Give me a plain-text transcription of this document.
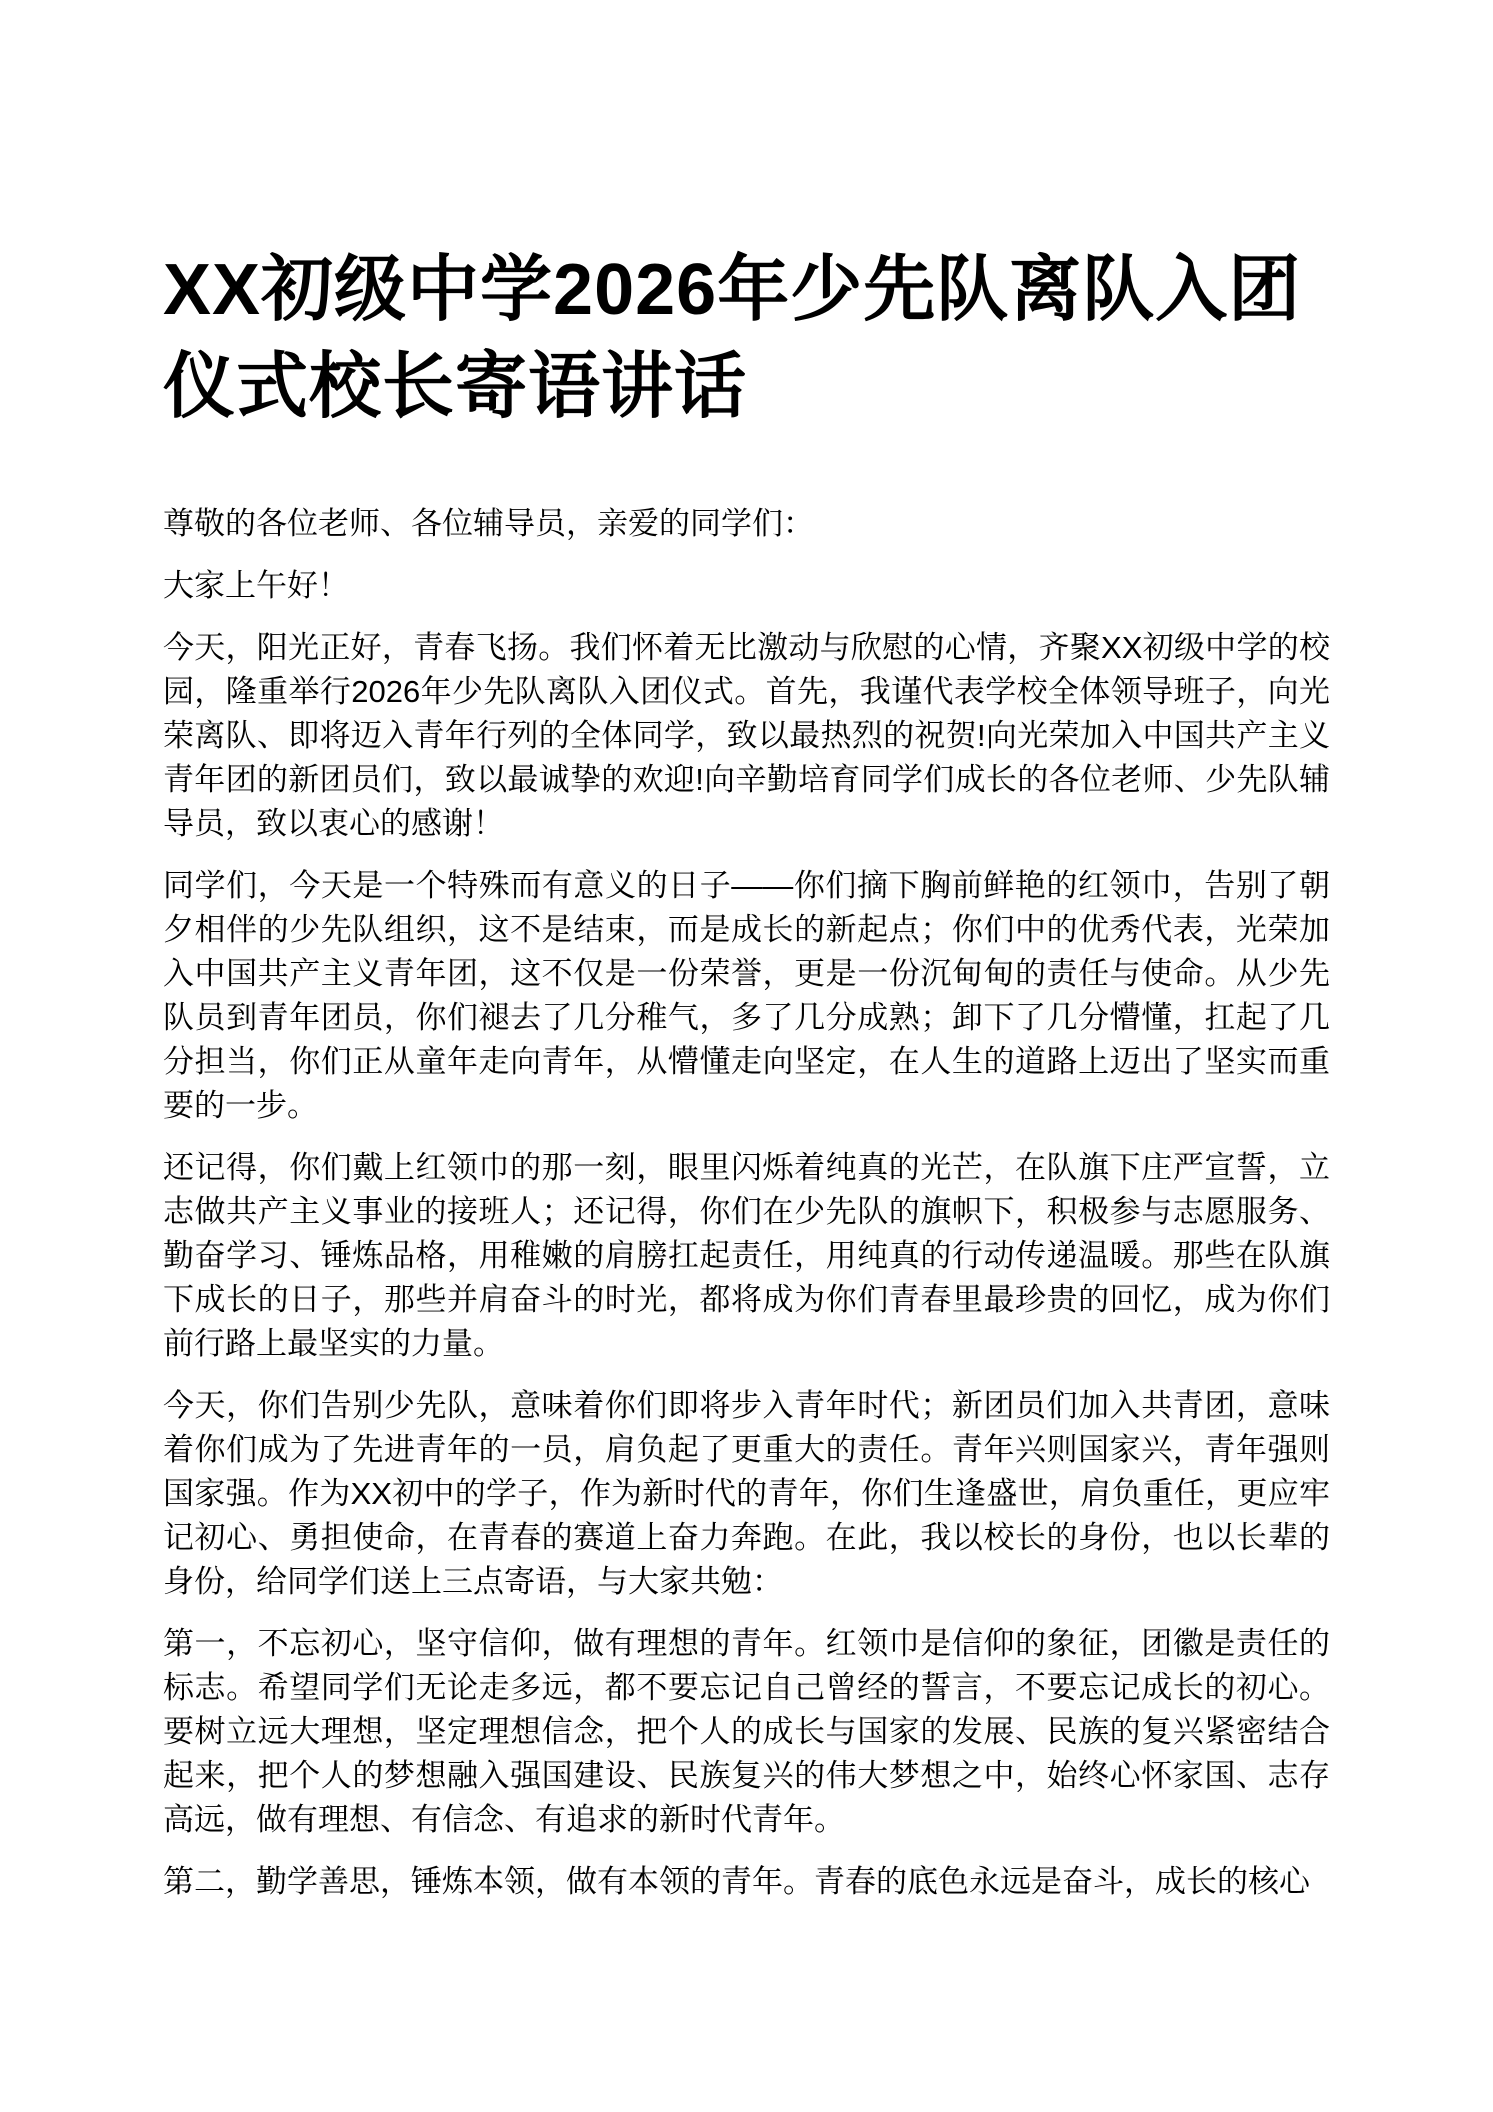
XX初级中学2026年少先队离队入团仪式校长寄语讲话

尊敬的各位老师、各位辅导员，亲爱的同学们：

大家上午好！

今天，阳光正好，青春飞扬。我们怀着无比激动与欣慰的心情，齐聚XX初级中学的校园，隆重举行2026年少先队离队入团仪式。首先，我谨代表学校全体领导班子，向光荣离队、即将迈入青年行列的全体同学，致以最热烈的祝贺!向光荣加入中国共产主义青年团的新团员们，致以最诚挚的欢迎!向辛勤培育同学们成长的各位老师、少先队辅导员，致以衷心的感谢！

同学们，今天是一个特殊而有意义的日子——你们摘下胸前鲜艳的红领巾，告别了朝夕相伴的少先队组织，这不是结束，而是成长的新起点；你们中的优秀代表，光荣加入中国共产主义青年团，这不仅是一份荣誉，更是一份沉甸甸的责任与使命。从少先队员到青年团员，你们褪去了几分稚气，多了几分成熟；卸下了几分懵懂，扛起了几分担当，你们正从童年走向青年，从懵懂走向坚定，在人生的道路上迈出了坚实而重要的一步。

还记得，你们戴上红领巾的那一刻，眼里闪烁着纯真的光芒，在队旗下庄严宣誓，立志做共产主义事业的接班人；还记得，你们在少先队的旗帜下，积极参与志愿服务、勤奋学习、锤炼品格，用稚嫩的肩膀扛起责任，用纯真的行动传递温暖。那些在队旗下成长的日子，那些并肩奋斗的时光，都将成为你们青春里最珍贵的回忆，成为你们前行路上最坚实的力量。

今天，你们告别少先队，意味着你们即将步入青年时代；新团员们加入共青团，意味着你们成为了先进青年的一员，肩负起了更重大的责任。青年兴则国家兴，青年强则国家强。作为XX初中的学子，作为新时代的青年，你们生逢盛世，肩负重任，更应牢记初心、勇担使命，在青春的赛道上奋力奔跑。在此，我以校长的身份，也以长辈的身份，给同学们送上三点寄语，与大家共勉：

第一，不忘初心，坚守信仰，做有理想的青年。红领巾是信仰的象征，团徽是责任的标志。希望同学们无论走多远，都不要忘记自己曾经的誓言，不要忘记成长的初心。要树立远大理想，坚定理想信念，把个人的成长与国家的发展、民族的复兴紧密结合起来，把个人的梦想融入强国建设、民族复兴的伟大梦想之中，始终心怀家国、志存高远，做有理想、有信念、有追求的新时代青年。

第二，勤学善思，锤炼本领，做有本领的青年。青春的底色永远是奋斗，成长的核心
